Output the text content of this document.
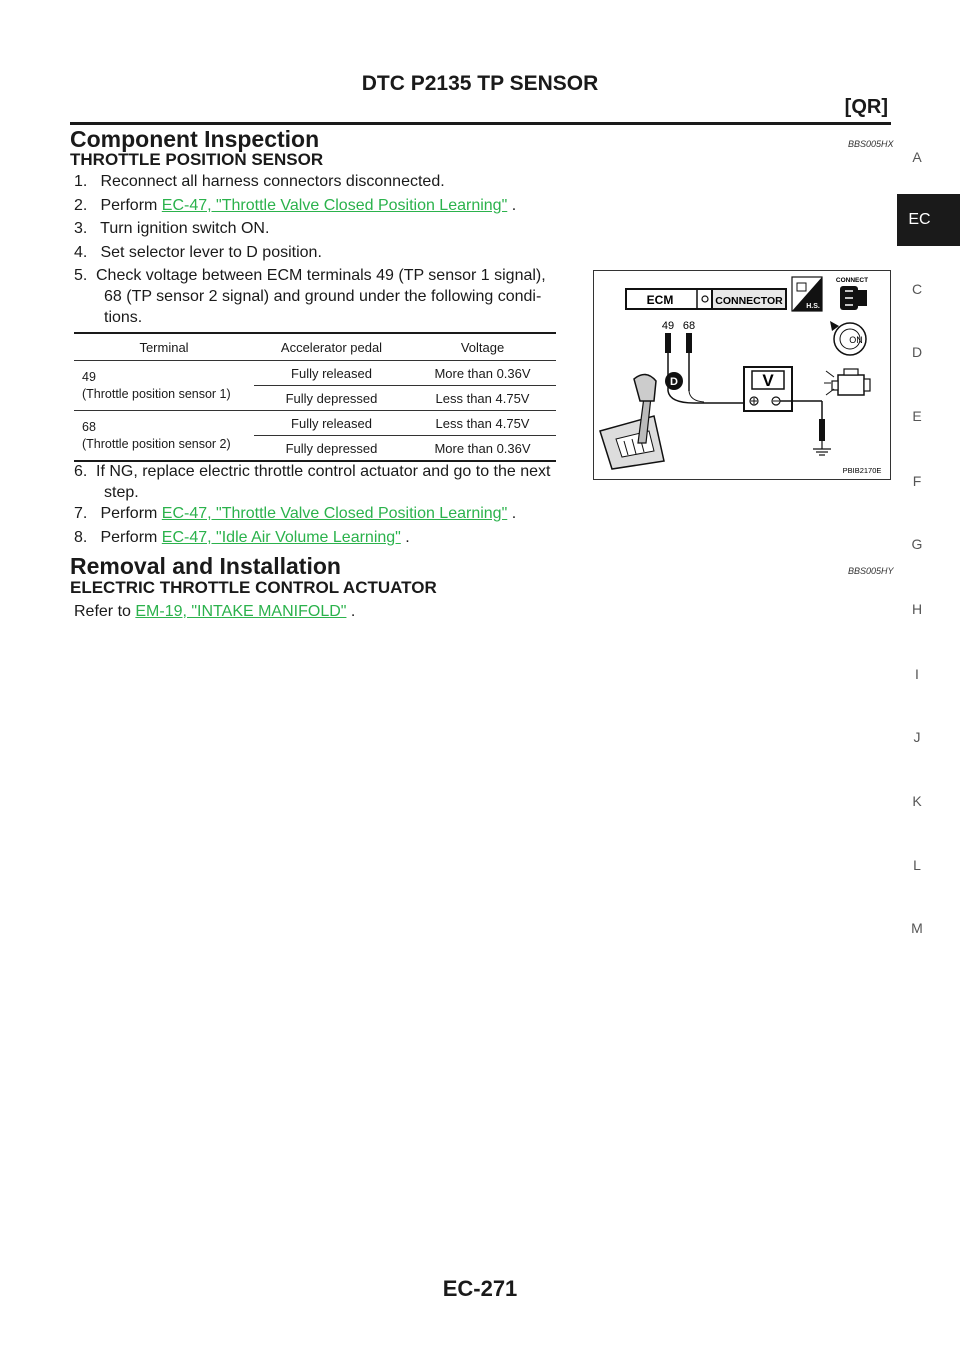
DTC P2135 TP SENSOR
[QR]
A
EC
C
D
E
F
G
H
I
J
K
L
M
Component Inspection	BBS005HX
THROTTLE POSITION SENSOR
1. Reconnect all harness connectors disconnected.
2. Perform EC-47, "Throttle Valve Closed Position Learning" .
3. Turn ignition switch ON.
4. Set selector lever to D position.
5. Check voltage between ECM terminals 49 (TP sensor 1 signal),
68 (TP sensor 2 signal) and ground under the following condi-
tions.
Terminal	Accelerator pedal	Voltage

49
(Throttle position sensor 1)	Fully released	More than 0.36V
	Fully depressed	Less than 4.75V

68
(Throttle position sensor 2)	Fully released	Less than 4.75V
	Fully depressed	More than 0.36V
ECM	CONNECTOR	H.S.
CONNECT
ON
49 68
V
D
PBIB2170E
6. If NG, replace electric throttle control actuator and go to the next
step.
7. Perform EC-47, "Throttle Valve Closed Position Learning" .
8. Perform EC-47, "Idle Air Volume Learning" .
Removal and Installation	BBS005HY
ELECTRIC THROTTLE CONTROL ACTUATOR
Refer to EM-19, "INTAKE MANIFOLD" .
EC-271
